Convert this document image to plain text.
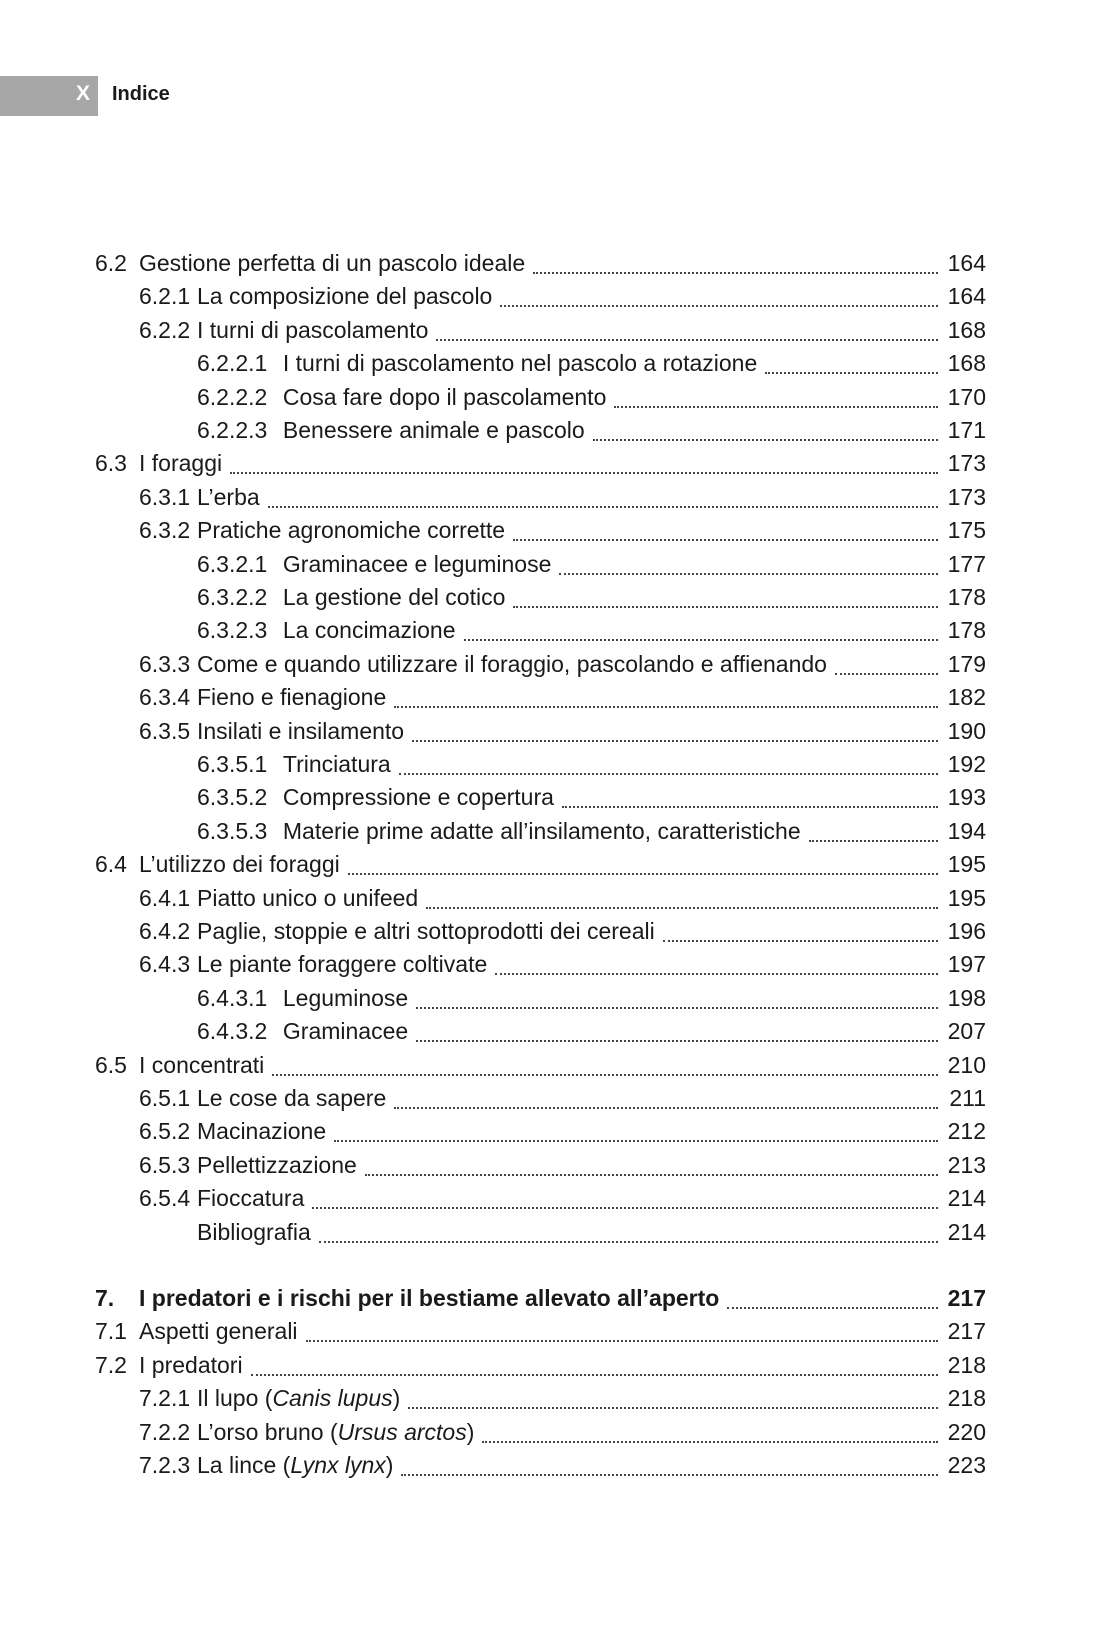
X Indice
6.2 Gestione perfetta di un pascolo ideale	164
6.2.1 La composizione del pascolo	164
6.2.2 I turni di pascolamento	168
6.2.2.1 I turni di pascolamento nel pascolo a rotazione	168
6.2.2.2 Cosa fare dopo il pascolamento	170
6.2.2.3 Benessere animale e pascolo	171
6.3 I foraggi	173
6.3.1 L’erba	173
6.3.2 Pratiche agronomiche corrette	175
6.3.2.1 Graminacee e leguminose	177
6.3.2.2 La gestione del cotico	178
6.3.2.3 La concimazione	178
6.3.3 Come e quando utilizzare il foraggio, pascolando e affienando	179
6.3.4 Fieno e fienagione	182
6.3.5 Insilati e insilamento	190
6.3.5.1 Trinciatura	192
6.3.5.2 Compressione e copertura	193
6.3.5.3 Materie prime adatte all’insilamento, caratteristiche	194
6.4 L’utilizzo dei foraggi	195
6.4.1 Piatto unico o unifeed	195
6.4.2 Paglie, stoppie e altri sottoprodotti dei cereali	196
6.4.3 Le piante foraggere coltivate	197
6.4.3.1 Leguminose	198
6.4.3.2 Graminacee	207
6.5 I concentrati	210
6.5.1 Le cose da sapere	211
6.5.2 Macinazione	212
6.5.3 Pellettizzazione	213
6.5.4 Fioccatura	214
Bibliografia	214
7. I predatori e i rischi per il bestiame allevato all’aperto	217
7.1 Aspetti generali	217
7.2 I predatori	218
7.2.1 Il lupo (Canis lupus)	218
7.2.2 L’orso bruno (Ursus arctos)	220
7.2.3 La lince (Lynx lynx)	223
